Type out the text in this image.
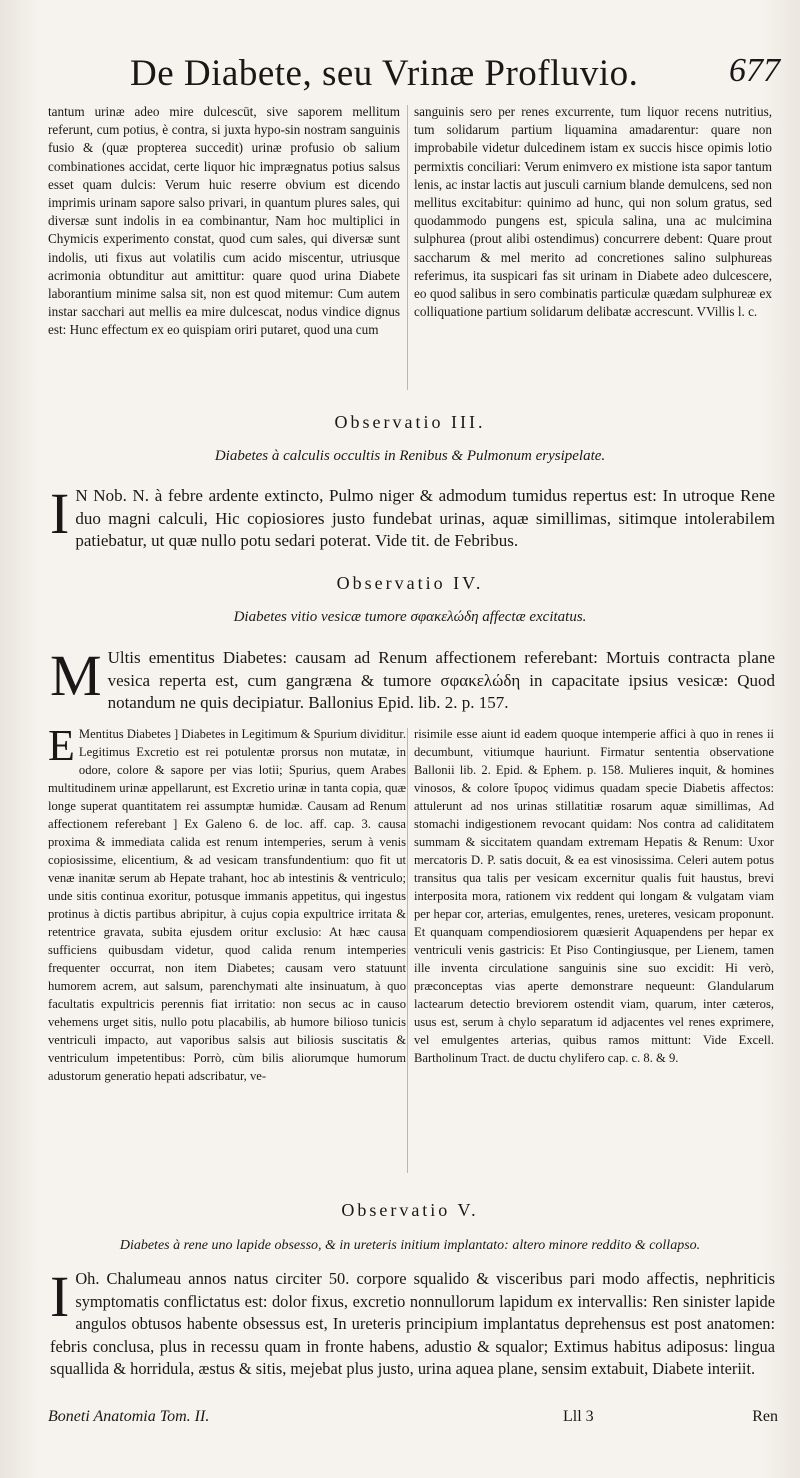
De Diabete, seu Vrinæ Profluvio.	677
tantum urinæ adeo mire dulcescūt, sive saporem mellitum referunt, cum potius, è contra, si juxta hypo-sin nostram sanguinis fusio & (quæ propterea succedit) urinæ profusio ob salium combinationes accidat, certe liquor hic imprægnatus potius salsus esset quam dulcis: Verum huic reserre obvium est dicendo imprimis urinam sapore salso privari, in quantum plures sales, qui diversæ sunt indolis in ea combinantur, Nam hoc multiplici in Chymicis experimento constat, quod cum sales, qui diversæ sunt indolis, uti fixus aut volatilis cum acido miscentur, utriusque acrimonia obtunditur aut amittitur: quare quod urina Diabete laborantium minime salsa sit, non est quod mitemur: Cum autem instar sacchari aut mellis ea mire dulcescat, nodus vindice dignus est: Hunc effectum ex eo quispiam oriri putaret, quod una cum
sanguinis sero per renes excurrente, tum liquor recens nutritius, tum solidarum partium liquamina amadarentur: quare non improbabile videtur dulcedinem istam ex succis hisce opimis lotio permixtis conciliari: Verum enimvero ex mistione ista sapor tantum lenis, ac instar lactis aut jusculi carnium blande demulcens, sed non mellitus excitabitur: quinimo ad hunc, qui non solum gratus, sed quodammodo pungens est, spicula salina, una ac mulcimina sulphurea (prout alibi ostendimus) concurrere debent: Quare prout saccharum & mel merito ad concretiones salino sulphureas referimus, ita suspicari fas sit urinam in Diabete adeo dulcescere, eo quod salibus in sero combinatis particulæ quædam sulphureæ ex colliquatione partium solidarum delibatæ accrescunt. VVillis l. c.
Observatio III.
Diabetes à calculis occultis in Renibus & Pulmonum erysipelate.
I N Nob. N. à febre ardente extincto, Pulmo niger & admodum tumidus repertus est: In utroque Rene duo magni calculi, Hic copiosiores justo fundebat urinas, aquæ simillimas, sitimque intolerabilem patiebatur, ut quæ nullo potu sedari poterat. Vide tit. de Febribus.
Observatio IV.
Diabetes vitio vesicæ tumore σφακελώδη affectæ excitatus.
M Ultis ementitus Diabetes: causam ad Renum affectionem referebant: Mortuis contracta plane vesica reperta est, cum gangræna & tumore σφακελώδη in capacitate ipsius vesicæ: Quod notandum ne quis decipiatur. Ballonius Epid. lib. 2. p. 157.
E Mentitus Diabetes ] Diabetes in Legitimum & Spurium dividitur. Legitimus Excretio est rei potulentæ prorsus non mutatæ, in odore, colore & sapore per vias lotii; Spurius, quem Arabes multitudinem urinæ appellarunt, est Excretio urinæ in tanta copia, quæ longe superat quantitatem rei assumptæ humidæ. Causam ad Renum affectionem referebant ] Ex Galeno 6. de loc. aff. cap. 3. causa proxima & immediata calida est renum intemperies, serum à venis copiosissime, elicentium, & ad vesicam transfundentium: quo fit ut venæ inanitæ serum ab Hepate trahant, hoc ab intestinis & ventriculo; unde sitis continua exoritur, potusque immanis appetitus, qui ingestus protinus à dictis partibus abripitur, à cujus copia expultrice irritata & retentrice gravata, subita ejusdem oritur exclusio: At hæc causa sufficiens quibusdam videtur, quod calida renum intemperies frequenter occurrat, non item Diabetes; causam vero statuunt humorem acrem, aut salsum, parenchymati alte insinuatum, à quo facultatis expultricis perennis fiat irritatio: non secus ac in causo vehemens urget sitis, nullo potu placabilis, ab humore bilioso tunicis ventriculi impacto, aut vaporibus salsis aut biliosis suscitatis & ventriculum impetentibus: Porrò, cùm bilis aliorumque humorum adustorum generatio hepati adscribatur, ve-
risimile esse aiunt id eadem quoque intemperie affici à quo in renes ii decumbunt, vitiumque hauriunt. Firmatur sententia observatione Ballonii lib. 2. Epid. & Ephem. p. 158. Mulieres inquit, & homines vinosos, & colore ἴρυρος vidimus quadam specie Diabetis affectos: attulerunt ad nos urinas stillatitiæ rosarum aquæ simillimas, Ad stomachi indigestionem revocant quidam: Nos contra ad caliditatem summam & siccitatem quandam extremam Hepatis & Renum: Uxor mercatoris D. P. satis docuit, & ea est vinosissima. Celeri autem potus transitus qua talis per vesicam excernitur qualis fuit haustus, brevi interposita mora, rationem vix reddent qui longam & vulgatam viam per hepar cor, arterias, emulgentes, renes, ureteres, vesicam proponunt. Et quanquam compendiosiorem quæsierit Aquapendens per hepar ex ventriculi venis gastricis: Et Piso Contingiusque, per Lienem, tamen ille inventa circulatione sanguinis sine suo excidit: Hi verò, præconceptas vias aperte demonstrare nequeunt: Glandularum lactearum detectio breviorem ostendit viam, quarum, inter cæteros, usus est, serum à chylo separatum id adjacentes vel renes exprimere, vel emulgentes arterias, quibus ramos mittunt: Vide Excell. Bartholinum Tract. de ductu chylifero cap. c. 8. & 9.
Observatio V.
Diabetes à rene uno lapide obsesso, & in ureteris initium implantato: altero minore reddito & collapso.
I Oh. Chalumeau annos natus circiter 50. corpore squalido & visceribus pari modo affectis, nephriticis symptomatis conflictatus est: dolor fixus, excretio nonnullorum lapidum ex intervallis: Ren sinister lapide angulos obtusos habente obsessus est, In ureteris principium implantatus deprehensus est post anatomen: febris conclusa, plus in recessu quam in fronte habens, adustio & squalor; Extimus habitus adiposus: lingua squallida & horridula, æstus & sitis, mejebat plus justo, urina aquea plane, sensim extabuit, Diabete interiit.
Boneti Anatomia Tom. II.	Lll 3	Ren
